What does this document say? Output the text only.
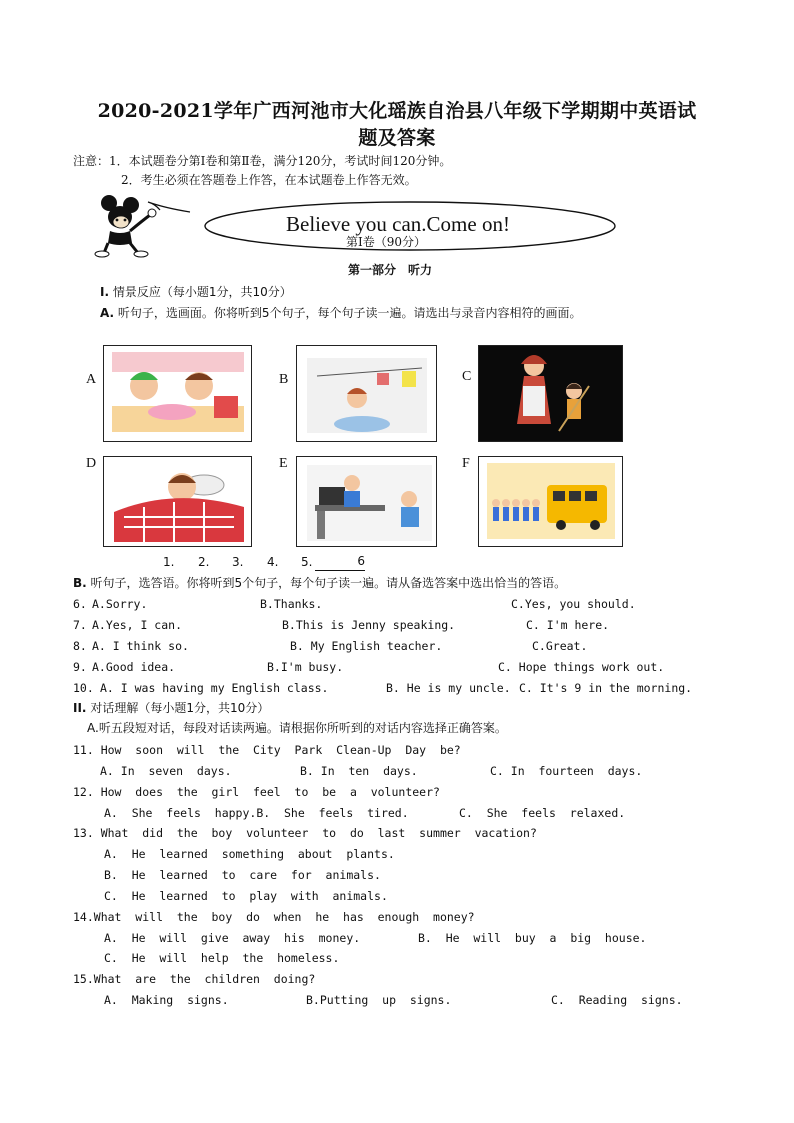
2020-2021学年广西河池市大化瑶族自治县八年级下学期期中英语试
题及答案
注意：1．本试题卷分第Ⅰ卷和第Ⅱ卷，满分120分，考试时间120分钟。
2．考生必须在答题卷上作答，在本试题卷上作答无效。
Believe you can.Come on!
第Ⅰ卷（90分）
第一部分　听力
I. 情景反应（每小题1分，共10分）
A. 听句子，选画面。你将听到5个句子，每个句子读一遍。请选出与录音内容相符的画面。
A	B	C
D	E	F
1. 2. 3. 4. 5.	6
B. 听句子，选答语。你将听到5个句子，每个句子读一遍。请从备选答案中选出恰当的答语。
6. A.Sorry.	B.Thanks.	C.Yes, you should.
7. A.Yes, I can.	B.This is Jenny speaking.	C. I'm here.
8. A. I think so.	B. My English teacher.	C.Great.
9. A.Good idea.	B.I'm busy.	C. Hope things work out.
10. A. I was having my English class.	B. He is my uncle. C. It's 9 in the morning.
II. 对话理解（每小题1分，共10分）
A.听五段短对话，每段对话读两遍。请根据你所听到的对话内容选择正确答案。
11. How  soon  will  the  City  Park  Clean-Up  Day  be?
A. In  seven  days.	B. In  ten  days.	C. In  fourteen  days.
12. How  does  the  girl  feel  to  be  a  volunteer?
A.  She  feels  happy.B.  She  feels  tired.	C.  She  feels  relaxed.
13. What  did  the  boy  volunteer  to  do  last  summer  vacation?
A.  He  learned  something  about  plants.
B.  He  learned  to  care  for  animals.
C.  He  learned  to  play  with  animals.
14.What  will  the  boy  do  when  he  has  enough  money?
A.  He  will  give  away  his  money.	B.  He  will  buy  a  big  house.
C.  He  will  help  the  homeless.
15.What  are  the  children  doing?
A.  Making  signs.	B.Putting  up  signs.	C.  Reading  signs.
